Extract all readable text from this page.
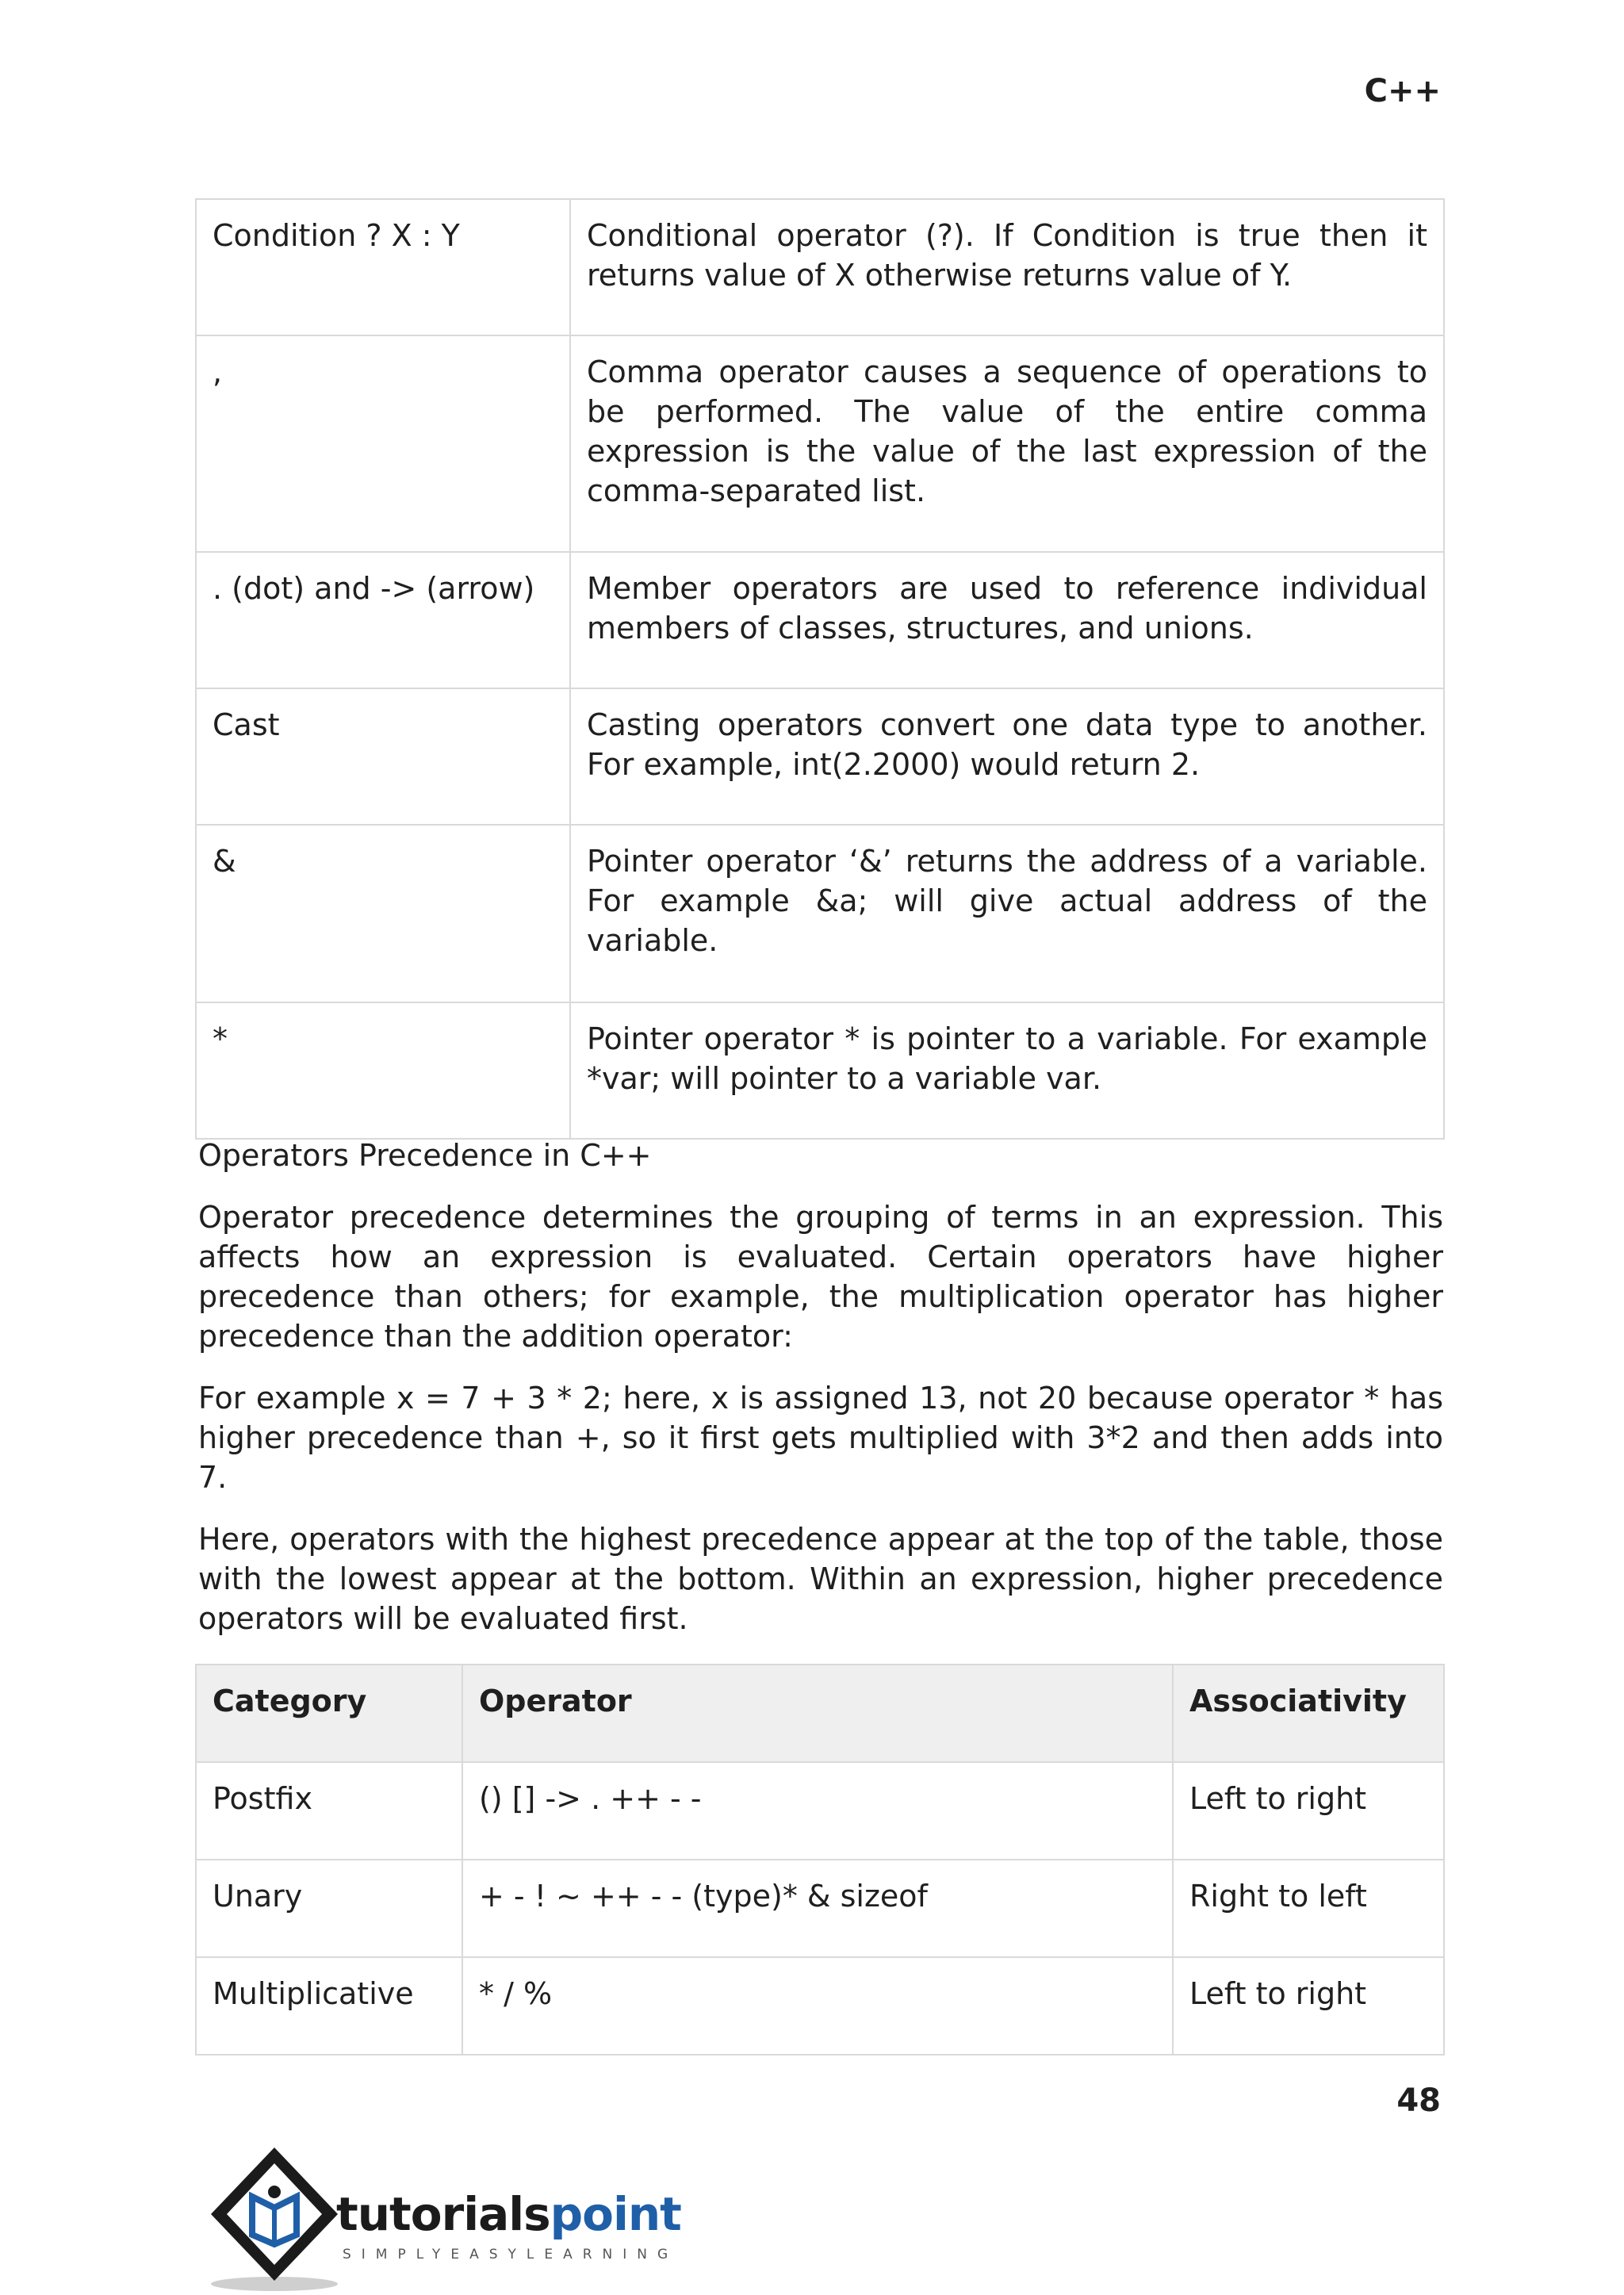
C++
Condition ? X : Y	Conditional operator (?). If Condition is true then it returns value of X otherwise returns value of Y.
,	Comma operator causes a sequence of operations to be performed. The value of the entire comma expression is the value of the last expression of the comma-separated list.
. (dot) and -> (arrow)	Member operators are used to reference individual members of classes, structures, and unions.
Cast	Casting operators convert one data type to another. For example, int(2.2000) would return 2.
&	Pointer operator ‘&’ returns the address of a variable. For example &a; will give actual address of the variable.
*	Pointer operator * is pointer to a variable. For example *var; will pointer to a variable var.
Operators Precedence in C++

Operator precedence determines the grouping of terms in an expression. This affects how an expression is evaluated. Certain operators have higher precedence than others; for example, the multiplication operator has higher precedence than the addition operator:

For example x = 7 + 3 * 2; here, x is assigned 13, not 20 because operator * has higher precedence than +, so it first gets multiplied with 3*2 and then adds into 7.

Here, operators with the highest precedence appear at the top of the table, those with the lowest appear at the bottom. Within an expression, higher precedence operators will be evaluated first.

Category	Operator	Associativity
Postfix	() [] -> . ++ - -	Left to right
Unary	+ - ! ~ ++ - - (type)* & sizeof	Right to left
Multiplicative	* / %	Left to right
48
tutorialspoint
SIMPLYEASYLEARNING
